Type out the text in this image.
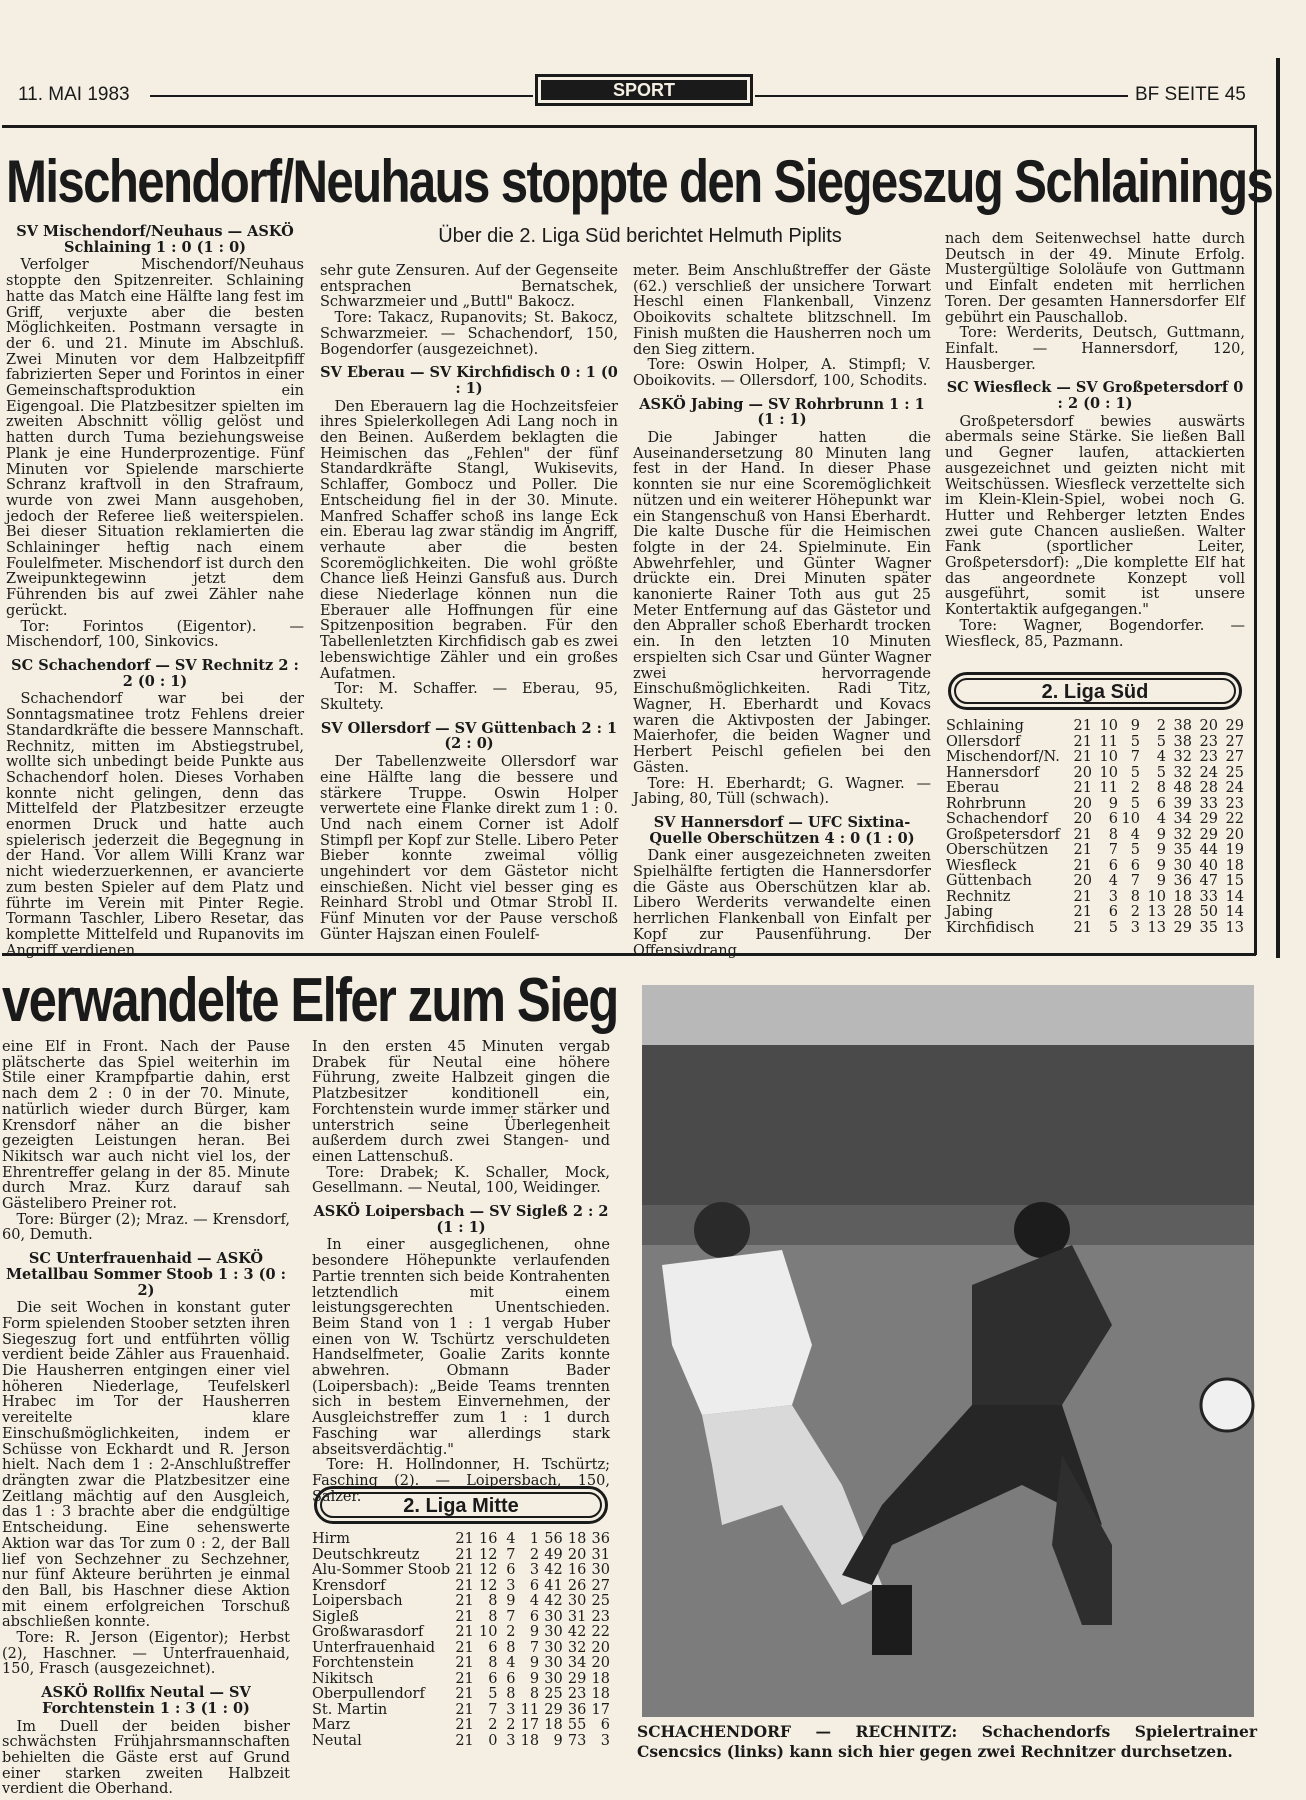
11. MAI 1983	SPORT	BF SEITE 45
Mischendorf/Neuhaus stoppte den Siegeszug Schlainings
Über die 2. Liga Süd berichtet Helmuth Piplits
SV Mischendorf/Neuhaus — ASKÖ Schlaining 1 : 0 (1 : 0)

Verfolger Mischendorf/Neuhaus stoppte den Spitzenreiter. Schlaining hatte das Match eine Hälfte lang fest im Griff, verjuxte aber die besten Möglichkeiten. Postmann versagte in der 6. und 21. Minute im Abschluß. Zwei Minuten vor dem Halbzeitpfiff fabrizierten Seper und Forintos in einer Gemeinschaftsproduktion ein Eigengoal. Die Platzbesitzer spielten im zweiten Abschnitt völlig gelöst und hatten durch Tuma beziehungsweise Plank je eine Hunderprozentige. Fünf Minuten vor Spielende marschierte Schranz kraftvoll in den Strafraum, wurde von zwei Mann ausgehoben, jedoch der Referee ließ weiterspielen. Bei dieser Situation reklamierten die Schlaininger heftig nach einem Foulelfmeter. Mischendorf ist durch den Zweipunktegewinn jetzt dem Führenden bis auf zwei Zähler nahe gerückt.

Tor: Forintos (Eigentor). — Mischendorf, 100, Sinkovics.

SC Schachendorf — SV Rechnitz 2 : 2 (0 : 1)

Schachendorf war bei der Sonntagsmatinee trotz Fehlens dreier Standardkräfte die bessere Mannschaft. Rechnitz, mitten im Abstiegstrubel, wollte sich unbedingt beide Punkte aus Schachendorf holen. Dieses Vorhaben konnte nicht gelingen, denn das Mittelfeld der Platzbesitzer erzeugte enormen Druck und hatte auch spielerisch jederzeit die Begegnung in der Hand. Vor allem Willi Kranz war nicht wiederzuerkennen, er avancierte zum besten Spieler auf dem Platz und führte im Verein mit Pinter Regie. Tormann Taschler, Libero Resetar, das komplette Mittelfeld und Rupanovits im Angriff verdienen

sehr gute Zensuren. Auf der Gegenseite entsprachen Bernatschek, Schwarzmeier und „Buttl" Bakocz.

Tore: Takacz, Rupanovits; St. Bakocz, Schwarzmeier. — Schachendorf, 150, Bogendorfer (ausgezeichnet).

SV Eberau — SV Kirchfidisch 0 : 1 (0 : 1)

Den Eberauern lag die Hochzeitsfeier ihres Spielerkollegen Adi Lang noch in den Beinen. Außerdem beklagten die Heimischen das „Fehlen" der fünf Standardkräfte Stangl, Wukisevits, Schlaffer, Gombocz und Poller. Die Entscheidung fiel in der 30. Minute. Manfred Schaffer schoß ins lange Eck ein. Eberau lag zwar ständig im Angriff, verhaute aber die besten Scoremöglichkeiten. Die wohl größte Chance ließ Heinzi Gansfuß aus. Durch diese Niederlage können nun die Eberauer alle Hoffnungen für eine Spitzenposition begraben. Für den Tabellenletzten Kirchfidisch gab es zwei lebenswichtige Zähler und ein großes Aufatmen.

Tor: M. Schaffer. — Eberau, 95, Skultety.

SV Ollersdorf — SV Güttenbach 2 : 1 (2 : 0)

Der Tabellenzweite Ollersdorf war eine Hälfte lang die bessere und stärkere Truppe. Oswin Holper verwertete eine Flanke direkt zum 1 : 0. Und nach einem Corner ist Adolf Stimpfl per Kopf zur Stelle. Libero Peter Bieber konnte zweimal völlig ungehindert vor dem Gästetor nicht einschießen. Nicht viel besser ging es Reinhard Strobl und Otmar Strobl II. Fünf Minuten vor der Pause verschoß Günter Hajszan einen Foulelf-

meter. Beim Anschlußtreffer der Gäste (62.) verschließ der unsichere Torwart Heschl einen Flankenball, Vinzenz Oboikovits schaltete blitzschnell. Im Finish mußten die Hausherren noch um den Sieg zittern.

Tore: Oswin Holper, A. Stimpfl; V. Oboikovits. — Ollersdorf, 100, Schodits.

ASKÖ Jabing — SV Rohrbrunn 1 : 1 (1 : 1)

Die Jabinger hatten die Auseinandersetzung 80 Minuten lang fest in der Hand. In dieser Phase konnten sie nur eine Scoremöglichkeit nützen und ein weiterer Höhepunkt war ein Stangenschuß von Hansi Eberhardt. Die kalte Dusche für die Heimischen folgte in der 24. Spielminute. Ein Abwehrfehler, und Günter Wagner drückte ein. Drei Minuten später kanonierte Rainer Toth aus gut 25 Meter Entfernung auf das Gästetor und den Abpraller schoß Eberhardt trocken ein. In den letzten 10 Minuten erspielten sich Csar und Günter Wagner zwei hervorragende Einschußmöglichkeiten. Radi Titz, Wagner, H. Eberhardt und Kovacs waren die Aktivposten der Jabinger. Maierhofer, die beiden Wagner und Herbert Peischl gefielen bei den Gästen.

Tore: H. Eberhardt; G. Wagner. — Jabing, 80, Tüll (schwach).

SV Hannersdorf — UFC Sixtina-Quelle Oberschützen 4 : 0 (1 : 0)

Dank einer ausgezeichneten zweiten Spielhälfte fertigten die Hannersdorfer die Gäste aus Oberschützen klar ab. Libero Werderits verwandelte einen herrlichen Flankenball von Einfalt per Kopf zur Pausenführung. Der Offensivdrang

nach dem Seitenwechsel hatte durch Deutsch in der 49. Minute Erfolg. Mustergültige Sololäufe von Guttmann und Einfalt endeten mit herrlichen Toren. Der gesamten Hannersdorfer Elf gebührt ein Pauschallob.

Tore: Werderits, Deutsch, Guttmann, Einfalt. — Hannersdorf, 120, Hausberger.

SC Wiesfleck — SV Großpetersdorf 0 : 2 (0 : 1)

Großpetersdorf bewies auswärts abermals seine Stärke. Sie ließen Ball und Gegner laufen, attackierten ausgezeichnet und geizten nicht mit Weitschüssen. Wiesfleck verzettelte sich im Klein-Klein-Spiel, wobei noch G. Hutter und Rehberger letzten Endes zwei gute Chancen ausließen. Walter Fank (sportlicher Leiter, Großpetersdorf): „Die komplette Elf hat das angeordnete Konzept voll ausgeführt, somit ist unsere Kontertaktik aufgegangen."

Tore: Wagner, Bogendorfer. — Wiesfleck, 85, Pazmann.

2. Liga Süd
Schlaining	21	10	9	2	38	20	29
Ollersdorf	21	11	5	5	38	23	27
Mischendorf/N.	21	10	7	4	32	23	27
Hannersdorf	20	10	5	5	32	24	25
Eberau	21	11	2	8	48	28	24
Rohrbrunn	20	9	5	6	39	33	23
Schachendorf	20	6	10	4	34	29	22
Großpetersdorf	21	8	4	9	32	29	20
Oberschützen	21	7	5	9	35	44	19
Wiesfleck	21	6	6	9	30	40	18
Güttenbach	20	4	7	9	36	47	15
Rechnitz	21	3	8	10	18	33	14
Jabing	21	6	2	13	28	50	14
Kirchfidisch	21	5	3	13	29	35	13
verwandelte Elfer zum Sieg

eine Elf in Front. Nach der Pause plätscherte das Spiel weiterhin im Stile einer Krampfpartie dahin, erst nach dem 2 : 0 in der 70. Minute, natürlich wieder durch Bürger, kam Krensdorf näher an die bisher gezeigten Leistungen heran. Bei Nikitsch war auch nicht viel los, der Ehrentreffer gelang in der 85. Minute durch Mraz. Kurz darauf sah Gästelibero Preiner rot.

Tore: Bürger (2); Mraz. — Krensdorf, 60, Demuth.

SC Unterfrauenhaid — ASKÖ Metallbau Sommer Stoob 1 : 3 (0 : 2)

Die seit Wochen in konstant guter Form spielenden Stoober setzten ihren Siegeszug fort und entführten völlig verdient beide Zähler aus Frauenhaid. Die Hausherren entgingen einer viel höheren Niederlage, Teufelskerl Hrabec im Tor der Hausherren vereitelte klare Einschußmöglichkeiten, indem er Schüsse von Eckhardt und R. Jerson hielt. Nach dem 1 : 2-Anschlußtreffer drängten zwar die Platzbesitzer eine Zeitlang mächtig auf den Ausgleich, das 1 : 3 brachte aber die endgültige Entscheidung. Eine sehenswerte Aktion war das Tor zum 0 : 2, der Ball lief von Sechzehner zu Sechzehner, nur fünf Akteure berührten je einmal den Ball, bis Haschner diese Aktion mit einem erfolgreichen Torschuß abschließen konnte.

Tore: R. Jerson (Eigentor); Herbst (2), Haschner. — Unterfrauenhaid, 150, Frasch (ausgezeichnet).

ASKÖ Rollfix Neutal — SV Forchtenstein 1 : 3 (1 : 0)

Im Duell der beiden bisher schwächsten Frühjahrsmannschaften behielten die Gäste erst auf Grund einer starken zweiten Halbzeit verdient die Oberhand.

In den ersten 45 Minuten vergab Drabek für Neutal eine höhere Führung, zweite Halbzeit gingen die Platzbesitzer konditionell ein, Forchtenstein wurde immer stärker und unterstrich seine Überlegenheit außerdem durch zwei Stangen- und einen Lattenschuß.

Tore: Drabek; K. Schaller, Mock, Gesellmann. — Neutal, 100, Weidinger.

ASKÖ Loipersbach — SV Sigleß 2 : 2 (1 : 1)

In einer ausgeglichenen, ohne besondere Höhepunkte verlaufenden Partie trennten sich beide Kontrahenten letztendlich mit einem leistungsgerechten Unentschieden. Beim Stand von 1 : 1 vergab Huber einen von W. Tschürtz verschuldeten Handselfmeter, Goalie Zarits konnte abwehren. Obmann Bader (Loipersbach): „Beide Teams trennten sich in bestem Einvernehmen, der Ausgleichstreffer zum 1 : 1 durch Fasching war allerdings stark abseitsverdächtig."

Tore: H. Hollndonner, H. Tschürtz; Fasching (2). — Loipersbach, 150, Salzer.	2. Liga Mitte
Hirm	21	16	4	1	56	18	36
Deutschkreutz	21	12	7	2	49	20	31
Alu-Sommer Stoob	21	12	6	3	42	16	30
Krensdorf	21	12	3	6	41	26	27
Loipersbach	21	8	9	4	42	30	25
Sigleß	21	8	7	6	30	31	23
Großwarasdorf	21	10	2	9	30	42	22
Unterfrauenhaid	21	6	8	7	30	32	20
Forchtenstein	21	8	4	9	30	34	20
Nikitsch	21	6	6	9	30	29	18
Oberpullendorf	21	5	8	8	25	23	18
St. Martin	21	7	3	11	29	36	17
Marz	21	2	2	17	18	55	6
Neutal	21	0	3	18	9	73	3 SCHACHENDORF — RECHNITZ: Schachendorfs Spielertrainer Csencsics (links) kann sich hier gegen zwei Rechnitzer durchsetzen.
